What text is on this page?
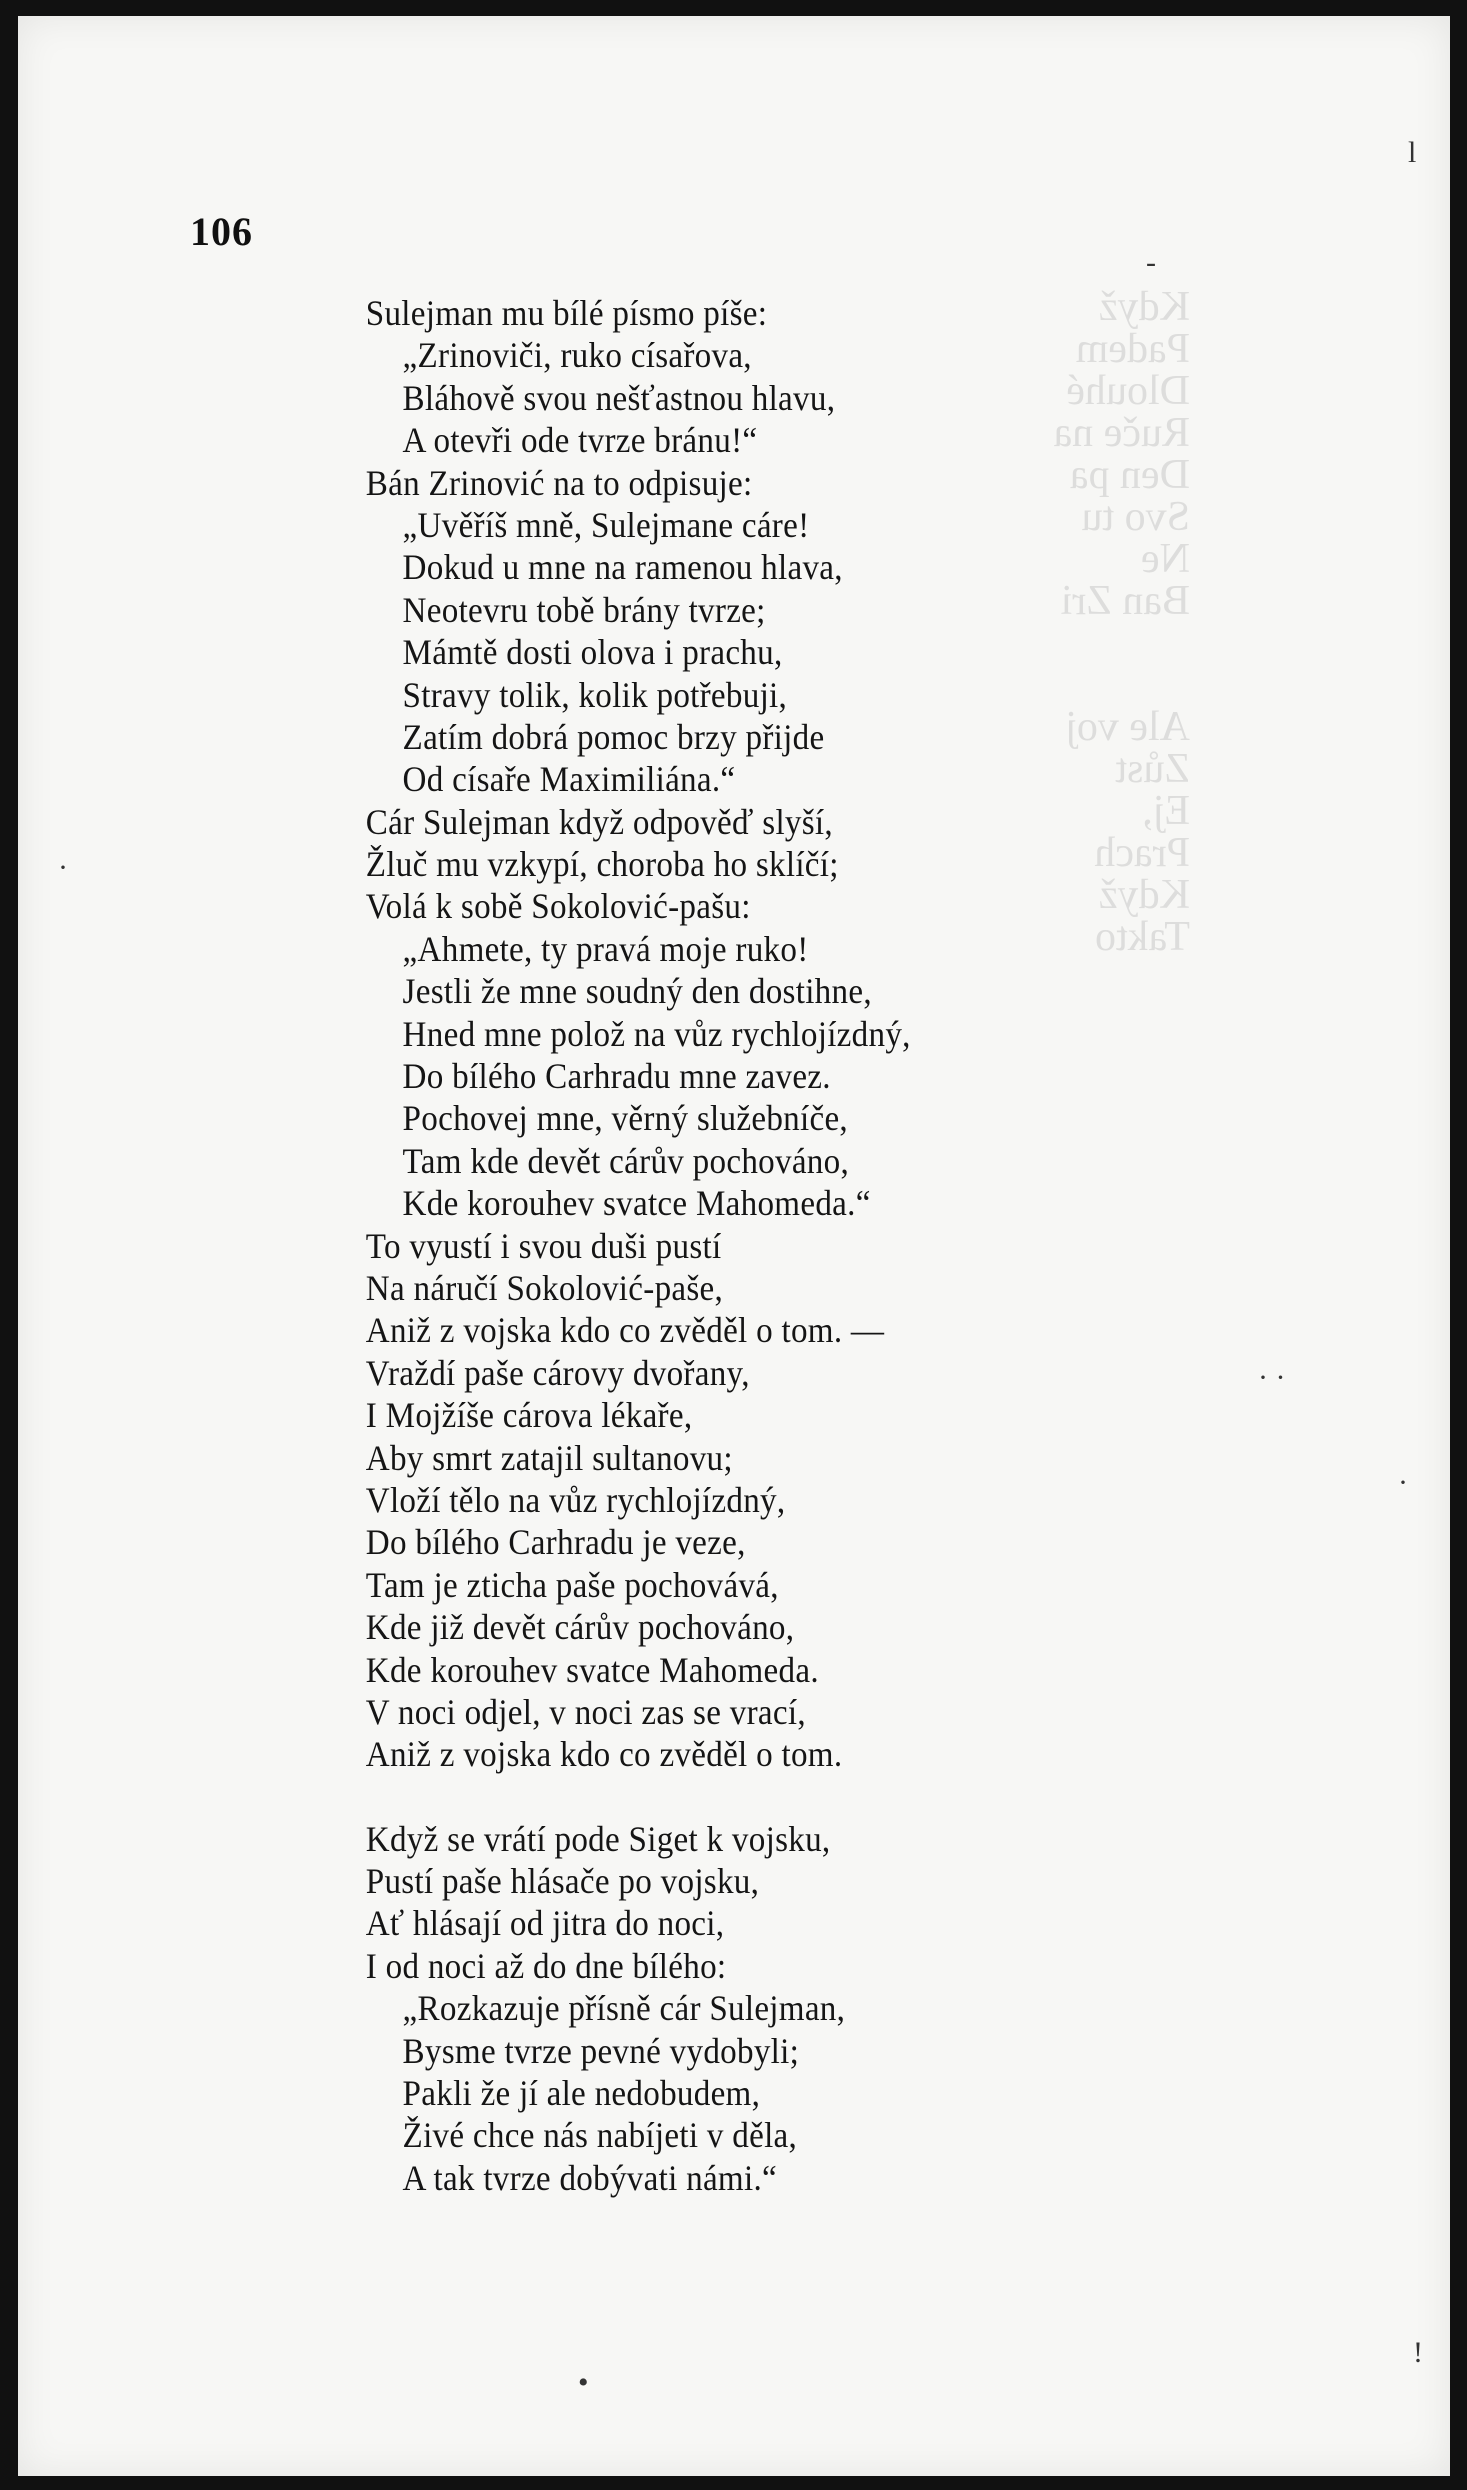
Když
Padem
Dlouhé
Ruče na
Den pa
Svo tu
Ne
Ban Zri
Ale voj
Zůst
Ej,
Prach
Když
Takto
106
Sulejman mu bílé písmo píše:
„Zrinoviči, ruko císařova,
Bláhově svou nešťastnou hlavu,
A otevři ode tvrze bránu!“
Bán Zrinović na to odpisuje:
„Uvěříš mně, Sulejmane cáre!
Dokud u mne na ramenou hlava,
Neotevru tobě brány tvrze;
Mámtě dosti olova i prachu,
Stravy tolik, kolik potřebuji,
Zatím dobrá pomoc brzy přijde
Od císaře Maximiliána.“
Cár Sulejman když odpověď slyší,
Žluč mu vzkypí, choroba ho sklíčí;
Volá k sobě Sokolović-pašu:
„Ahmete, ty pravá moje ruko!
Jestli že mne soudný den dostihne,
Hned mne polož na vůz rychlojízdný,
Do bílého Carhradu mne zavez.
Pochovej mne, věrný služebníče,
Tam kde devět cárův pochováno,
Kde korouhev svatce Mahomeda.“
To vyustí i svou duši pustí
Na náručí Sokolović-paše,
Aniž z vojska kdo co zvěděl o tom. —
Vraždí paše cárovy dvořany,
I Mojžíše cárova lékaře,
Aby smrt zatajil sultanovu;
Vloží tělo na vůz rychlojízdný,
Do bílého Carhradu je veze,
Tam je zticha paše pochovává,
Kde již devět cárův pochováno,
Kde korouhev svatce Mahomeda.
V noci odjel, v noci zas se vrací,
Aniž z vojska kdo co zvěděl o tom.
Když se vrátí pode Siget k vojsku,
Pustí paše hlásače po vojsku,
Ať hlásají od jitra do noci,
I od noci až do dne bílého:
„Rozkazuje přísně cár Sulejman,
Bysme tvrze pevné vydobyli;
Pakli že jí ale nedobudem,
Živé chce nás nabíjeti v děla,
A tak tvrze dobývati námi.“
l
-
·
· ·
·
•
!
